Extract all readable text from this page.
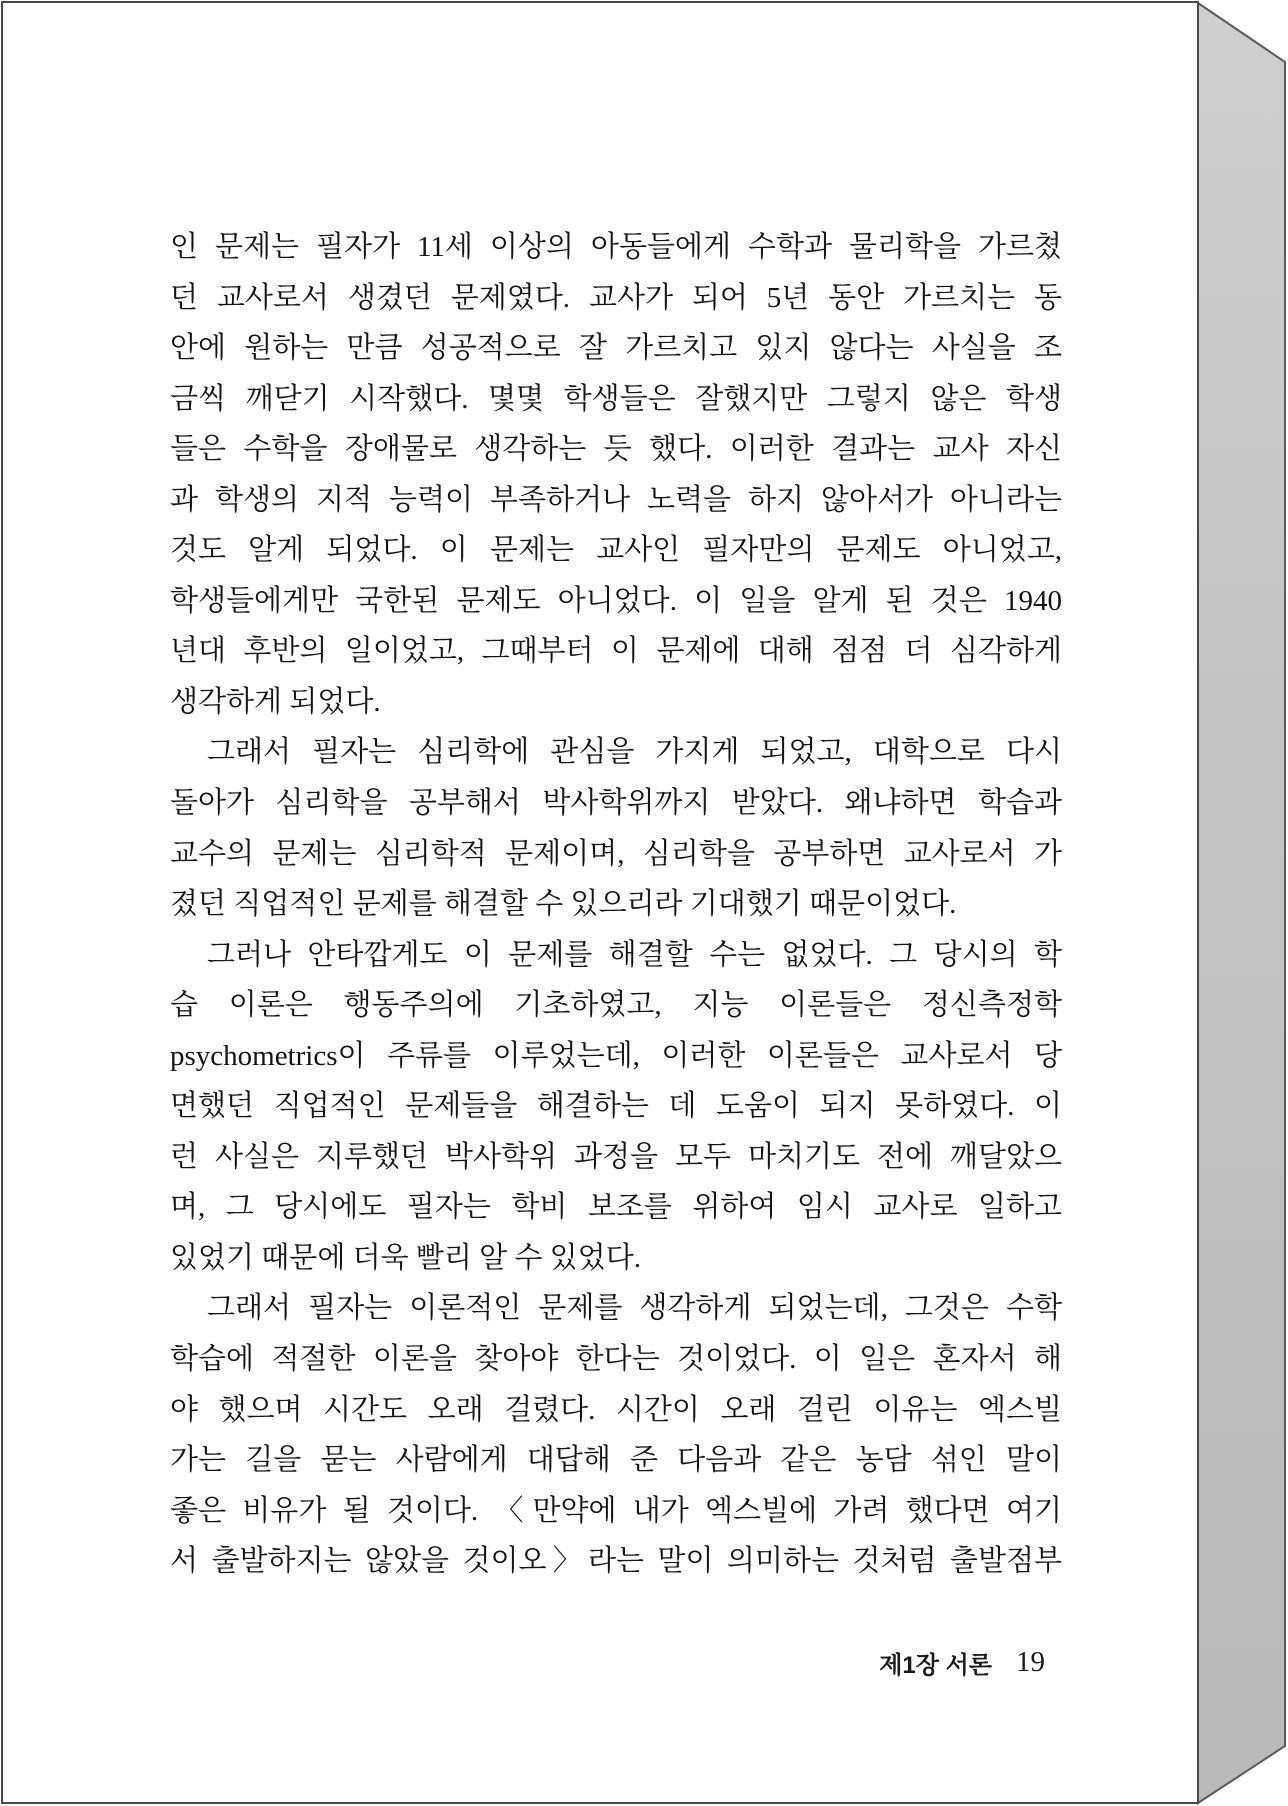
인 문제는 필자가 11세 이상의 아동들에게 수학과 물리학을 가르쳤
던 교사로서 생겼던 문제였다. 교사가 되어 5년 동안 가르치는 동
안에 원하는 만큼 성공적으로 잘 가르치고 있지 않다는 사실을 조
금씩 깨닫기 시작했다. 몇몇 학생들은 잘했지만 그렇지 않은 학생
들은 수학을 장애물로 생각하는 듯 했다. 이러한 결과는 교사 자신
과 학생의 지적 능력이 부족하거나 노력을 하지 않아서가 아니라는
것도 알게 되었다. 이 문제는 교사인 필자만의 문제도 아니었고,
학생들에게만 국한된 문제도 아니었다. 이 일을 알게 된 것은 1940
년대 후반의 일이었고, 그때부터 이 문제에 대해 점점 더 심각하게
생각하게 되었다.
그래서 필자는 심리학에 관심을 가지게 되었고, 대학으로 다시
돌아가 심리학을 공부해서 박사학위까지 받았다. 왜냐하면 학습과
교수의 문제는 심리학적 문제이며, 심리학을 공부하면 교사로서 가
졌던 직업적인 문제를 해결할 수 있으리라 기대했기 때문이었다.
그러나 안타깝게도 이 문제를 해결할 수는 없었다. 그 당시의 학
습 이론은 행동주의에 기초하였고, 지능 이론들은 정신측정학
psychometrics이 주류를 이루었는데, 이러한 이론들은 교사로서 당
면했던 직업적인 문제들을 해결하는 데 도움이 되지 못하였다. 이
런 사실은 지루했던 박사학위 과정을 모두 마치기도 전에 깨달았으
며, 그 당시에도 필자는 학비 보조를 위하여 임시 교사로 일하고
있었기 때문에 더욱 빨리 알 수 있었다.
그래서 필자는 이론적인 문제를 생각하게 되었는데, 그것은 수학
학습에 적절한 이론을 찾아야 한다는 것이었다. 이 일은 혼자서 해
야 했으며 시간도 오래 걸렸다. 시간이 오래 걸린 이유는 엑스빌
가는 길을 묻는 사람에게 대답해 준 다음과 같은 농담 섞인 말이
좋은 비유가 될 것이다. 〈만약에 내가 엑스빌에 가려 했다면 여기
서 출발하지는 않았을 것이오〉라는 말이 의미하는 것처럼 출발점부
제1장 서론 19
